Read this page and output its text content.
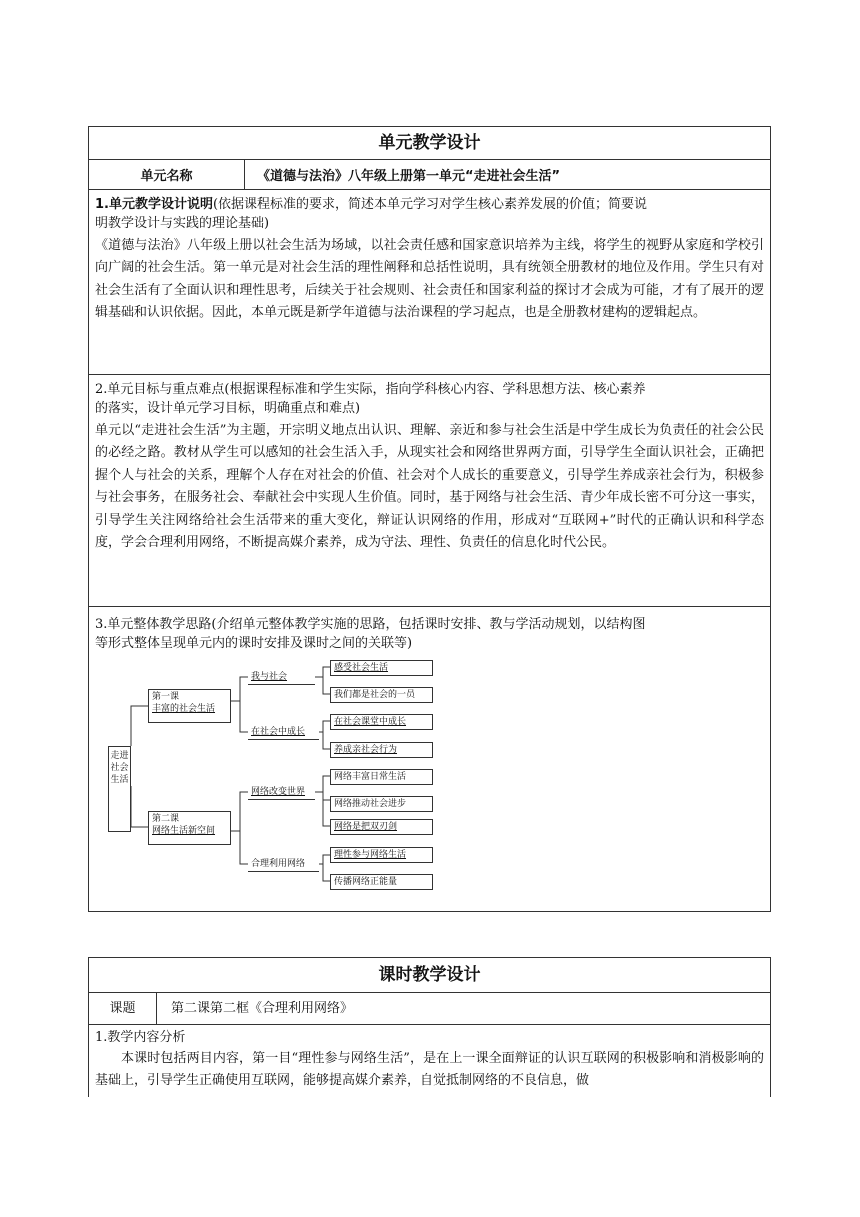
单元教学设计
单元名称	《道德与法治》八年级上册第一单元“走进社会生活”

1.单元教学设计说明(依据课程标准的要求，简述本单元学习对学生核心素养发展的价值；简要说

明教学设计与实践的理论基础)

《道德与法治》八年级上册以社会生活为场域，以社会责任感和国家意识培养为主线，将学生的视野从家庭和学校引向广阔的社会生活。第一单元是对社会生活的理性阐释和总括性说明，具有统领全册教材的地位及作用。学生只有对社会生活有了全面认识和理性思考，后续关于社会规则、社会责任和国家利益的探讨才会成为可能，才有了展开的逻辑基础和认识依据。因此，本单元既是新学年道德与法治课程的学习起点，也是全册教材建构的逻辑起点。

2.单元目标与重点难点(根据课程标准和学生实际，指向学科核心内容、学科思想方法、核心素养

的落实，设计单元学习目标，明确重点和难点)

单元以“走进社会生活”为主题，开宗明义地点出认识、理解、亲近和参与社会生活是中学生成长为负责任的社会公民的必经之路。教材从学生可以感知的社会生活入手，从现实社会和网络世界两方面，引导学生全面认识社会，正确把握个人与社会的关系，理解个人存在对社会的价值、社会对个人成长的重要意义，引导学生养成亲社会行为，积极参与社会事务，在服务社会、奉献社会中实现人生价值。同时，基于网络与社会生活、青少年成长密不可分这一事实，引导学生关注网络给社会生活带来的重大变化，辩证认识网络的作用，形成对“互联网+”时代的正确认识和科学态度，学会合理利用网络，不断提高媒介素养，成为守法、理性、负责任的信息化时代公民。

3.单元整体教学思路(介绍单元整体教学实施的思路，包括课时安排、教与学活动规划，以结构图

等形式整体呈现单元内的课时安排及课时之间的关联等)

走进社会生活
第一课
丰富的社会生活
第二课
网络生活新空间
我与社会
在社会中成长
网络改变世界
合理利用网络
感受社会生活
我们都是社会的一员
在社会课堂中成长
养成亲社会行为
网络丰富日常生活
网络推动社会进步
网络是把双刃剑
理性参与网络生活
传播网络正能量
课时教学设计
课题	第二课第二框《合理利用网络》

1.教学内容分析

本课时包括两目内容，第一目“理性参与网络生活”，是在上一课全面辩证的认识互联网的积极影响和消极影响的基础上，引导学生正确使用互联网，能够提高媒介素养，自觉抵制网络的不良信息，做
